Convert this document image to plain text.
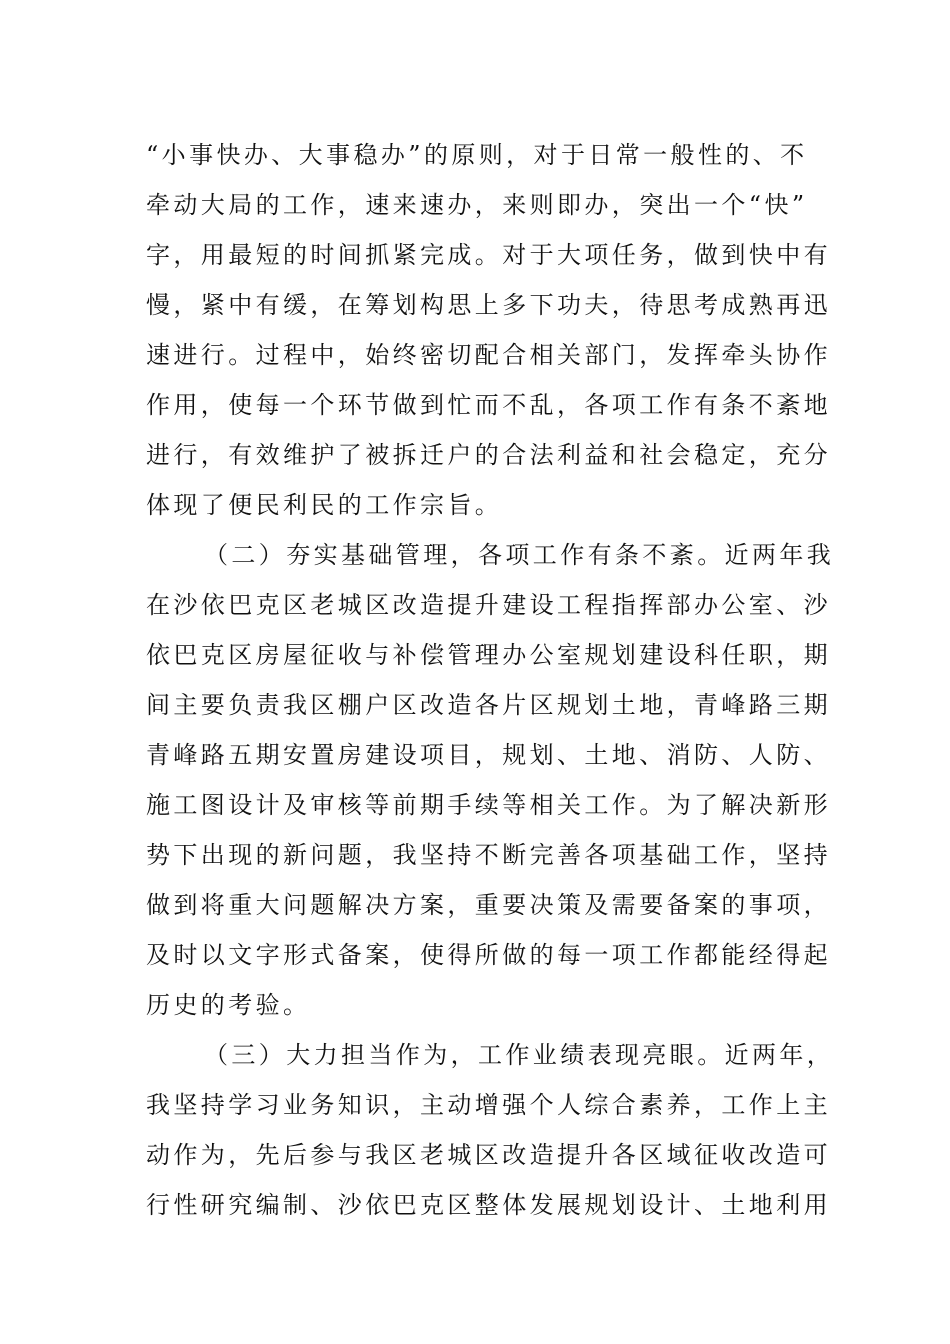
“小事快办、大事稳办”的原则，对于日常一般性的、不
牵动大局的工作，速来速办，来则即办，突出一个“快”
字，用最短的时间抓紧完成。对于大项任务，做到快中有
慢，紧中有缓，在筹划构思上多下功夫，待思考成熟再迅
速进行。过程中，始终密切配合相关部门，发挥牵头协作
作用，使每一个环节做到忙而不乱，各项工作有条不紊地
进行，有效维护了被拆迁户的合法利益和社会稳定，充分
体现了便民利民的工作宗旨。
（二）夯实基础管理，各项工作有条不紊。近两年我
在沙依巴克区老城区改造提升建设工程指挥部办公室、沙
依巴克区房屋征收与补偿管理办公室规划建设科任职，期
间主要负责我区棚户区改造各片区规划土地，青峰路三期
青峰路五期安置房建设项目，规划、土地、消防、人防、
施工图设计及审核等前期手续等相关工作。为了解决新形
势下出现的新问题，我坚持不断完善各项基础工作，坚持
做到将重大问题解决方案，重要决策及需要备案的事项，
及时以文字形式备案，使得所做的每一项工作都能经得起
历史的考验。
（三）大力担当作为，工作业绩表现亮眼。近两年，
我坚持学习业务知识，主动增强个人综合素养，工作上主
动作为，先后参与我区老城区改造提升各区域征收改造可
行性研究编制、沙依巴克区整体发展规划设计、土地利用
